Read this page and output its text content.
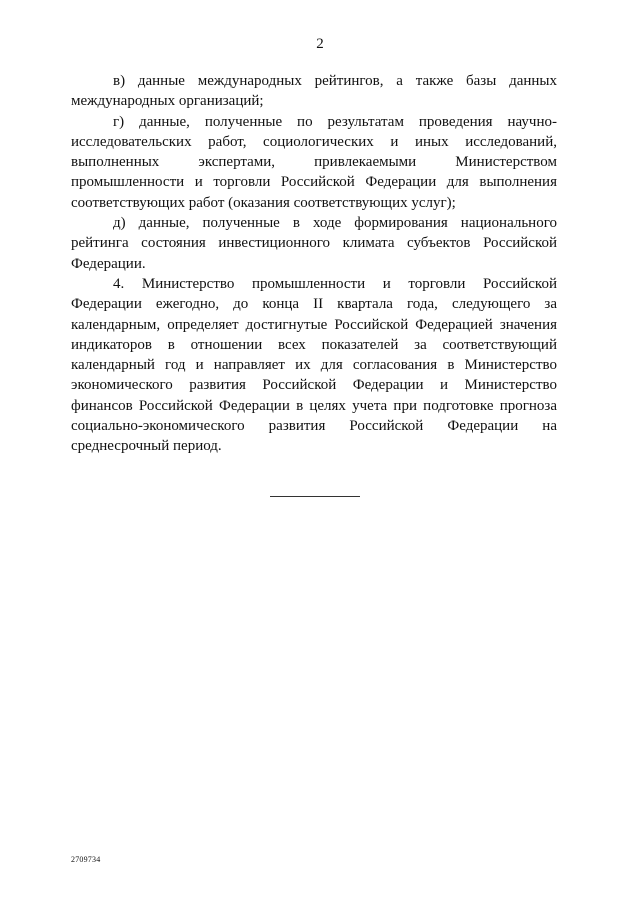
2

в) данные международных рейтингов, а также базы данных международных организаций;

г) данные, полученные по результатам проведения научно-исследовательских работ, социологических и иных исследований, выполненных экспертами, привлекаемыми Министерством промышленности и торговли Российской Федерации для выполнения соответствующих работ (оказания соответствующих услуг);

д) данные, полученные в ходе формирования национального рейтинга состояния инвестиционного климата субъектов Российской Федерации.

4. Министерство промышленности и торговли Российской Федерации ежегодно, до конца II квартала года, следующего за календарным, определяет достигнутые Российской Федерацией значения индикаторов в отношении всех показателей за соответствующий календарный год и направляет их для согласования в Министерство экономического развития Российской Федерации и Министерство финансов Российской Федерации в целях учета при подготовке прогноза социально-экономического развития Российской Федерации на среднесрочный период.

2709734
